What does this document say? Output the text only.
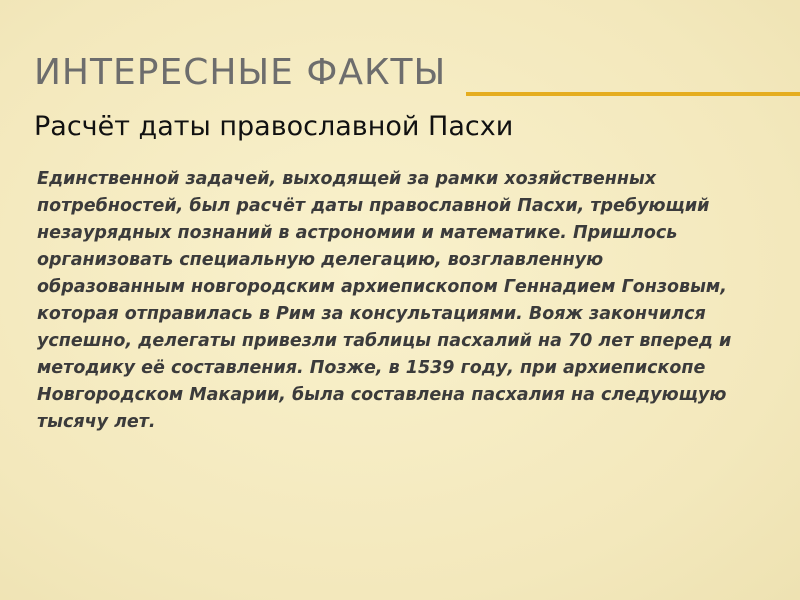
ИНТЕРЕСНЫЕ ФАКТЫ
Расчёт даты православной Пасхи
Единственной задачей, выходящей за рамки хозяйственных потребностей, был расчёт даты православной Пасхи, требующий незаурядных познаний в астрономии и математике. Пришлось организовать специальную делегацию, возглавленную образованным новгородским архиепископом Геннадием Гонзовым, которая отправилась в Рим за консультациями. Вояж закончился успешно, делегаты привезли таблицы пасхалий на 70 лет вперед и методику её составления. Позже, в 1539 году, при архиепископе Новгородском Макарии, была составлена пасхалия на следующую тысячу лет.
